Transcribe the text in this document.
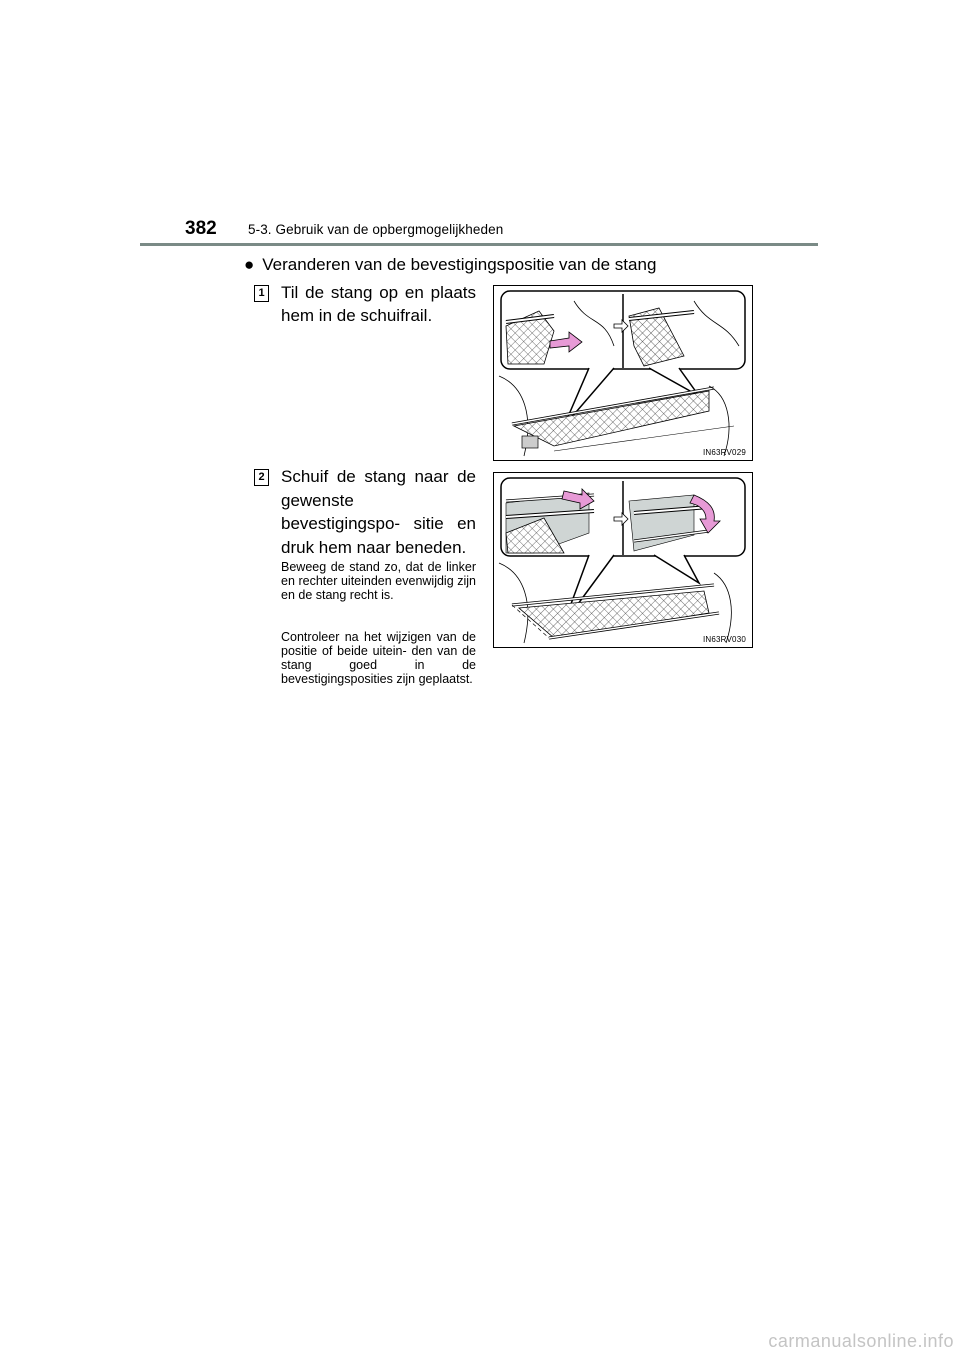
382 5-3. Gebruik van de opbergmogelijkheden
● Veranderen van de bevestigingspositie van de stang
1 Til de stang op en plaats hem in de schuifrail.
IN63RV029
2 Schuif de stang naar de gewenste bevestigingspo- sitie en druk hem naar beneden.
Beweeg de stand zo, dat de linker en rechter uiteinden evenwijdig zijn en de stang recht is.
Controleer na het wijzigen van de positie of beide uitein- den van de stang goed in de bevestigingsposities zijn geplaatst.
IN63RV030
carmanualsonline.info
